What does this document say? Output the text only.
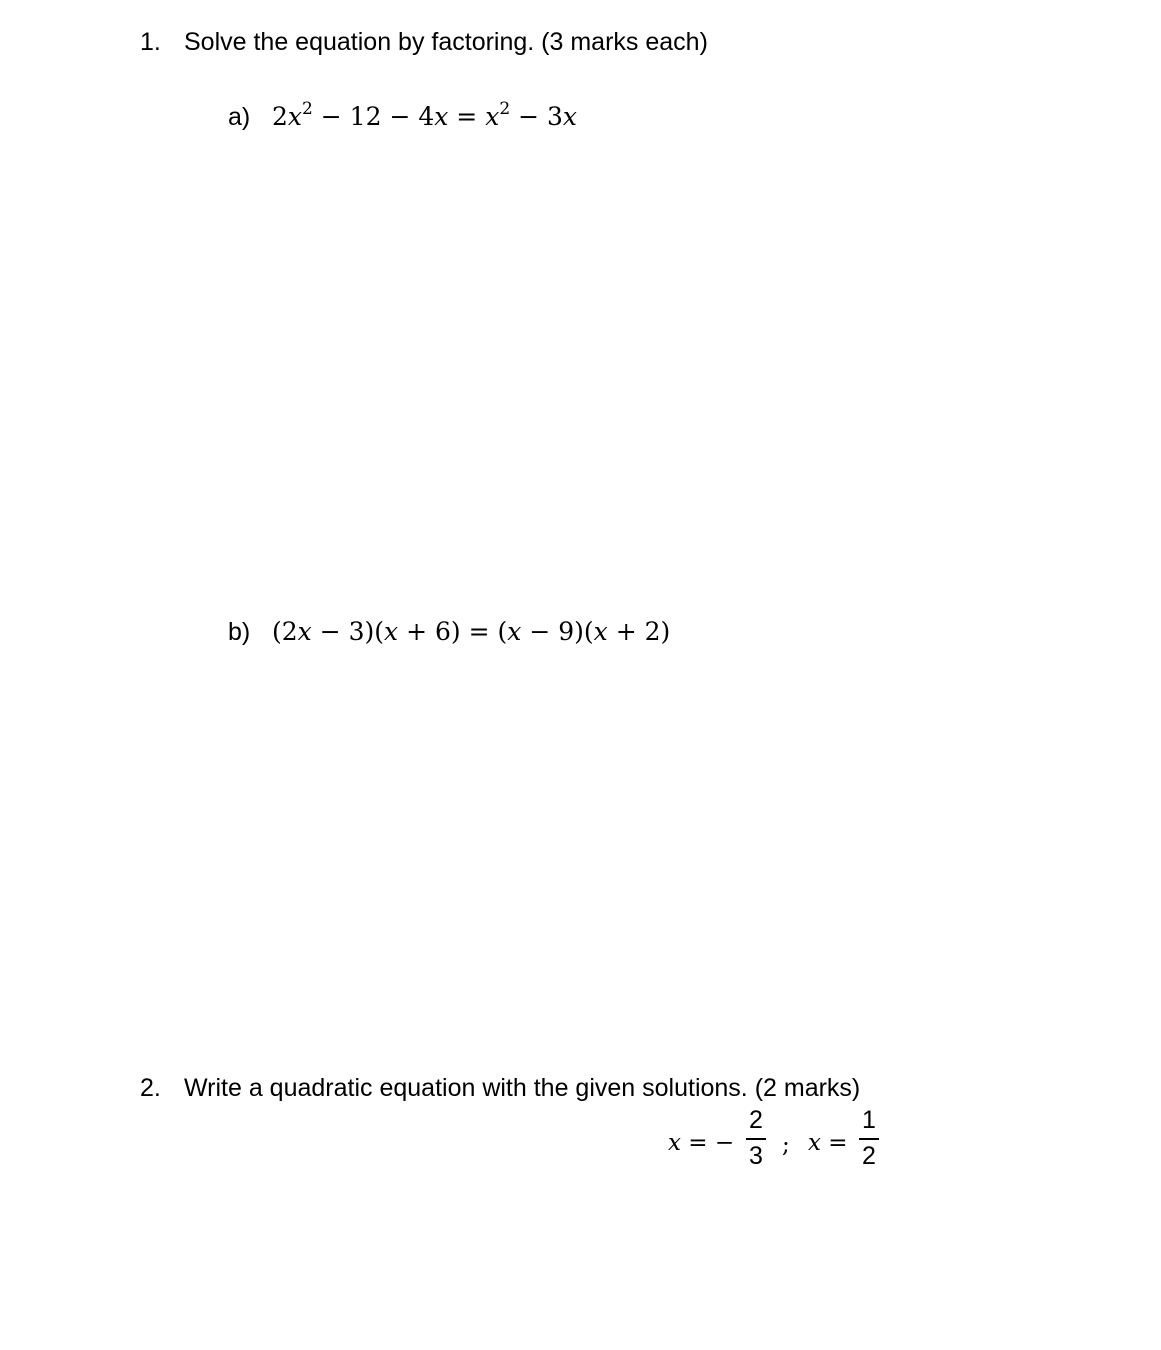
1. Solve the equation by factoring. (3 marks each)
a) $2x^2 - 12 - 4x = x^2 - 3x$
b) (2x − 3)(x + 6) = (x − 9)(x + 2)
2. Write a quadratic equation with the given solutions. (2 marks)
x = −
2
3 ; x =
1
2
